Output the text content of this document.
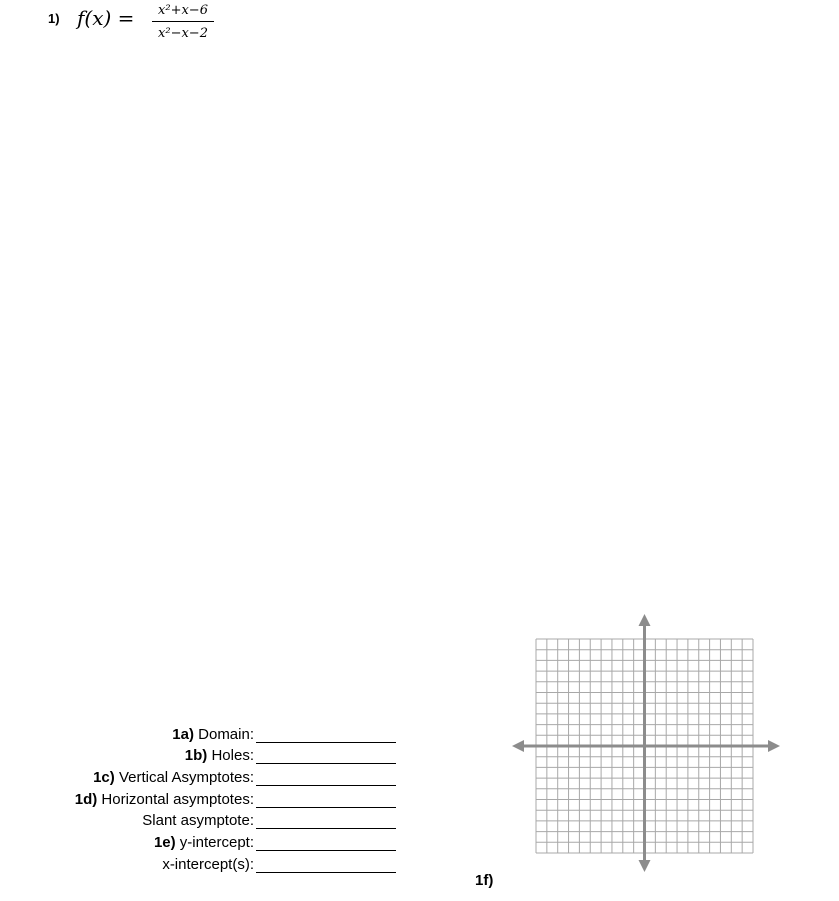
1) f(x) =	x²+x−6
x²−x−2
1a) Domain:
1b) Holes:
1c) Vertical Asymptotes:
1d) Horizontal asymptotes:
Slant asymptote:
1e) y-intercept:
x-intercept(s):
1f)
